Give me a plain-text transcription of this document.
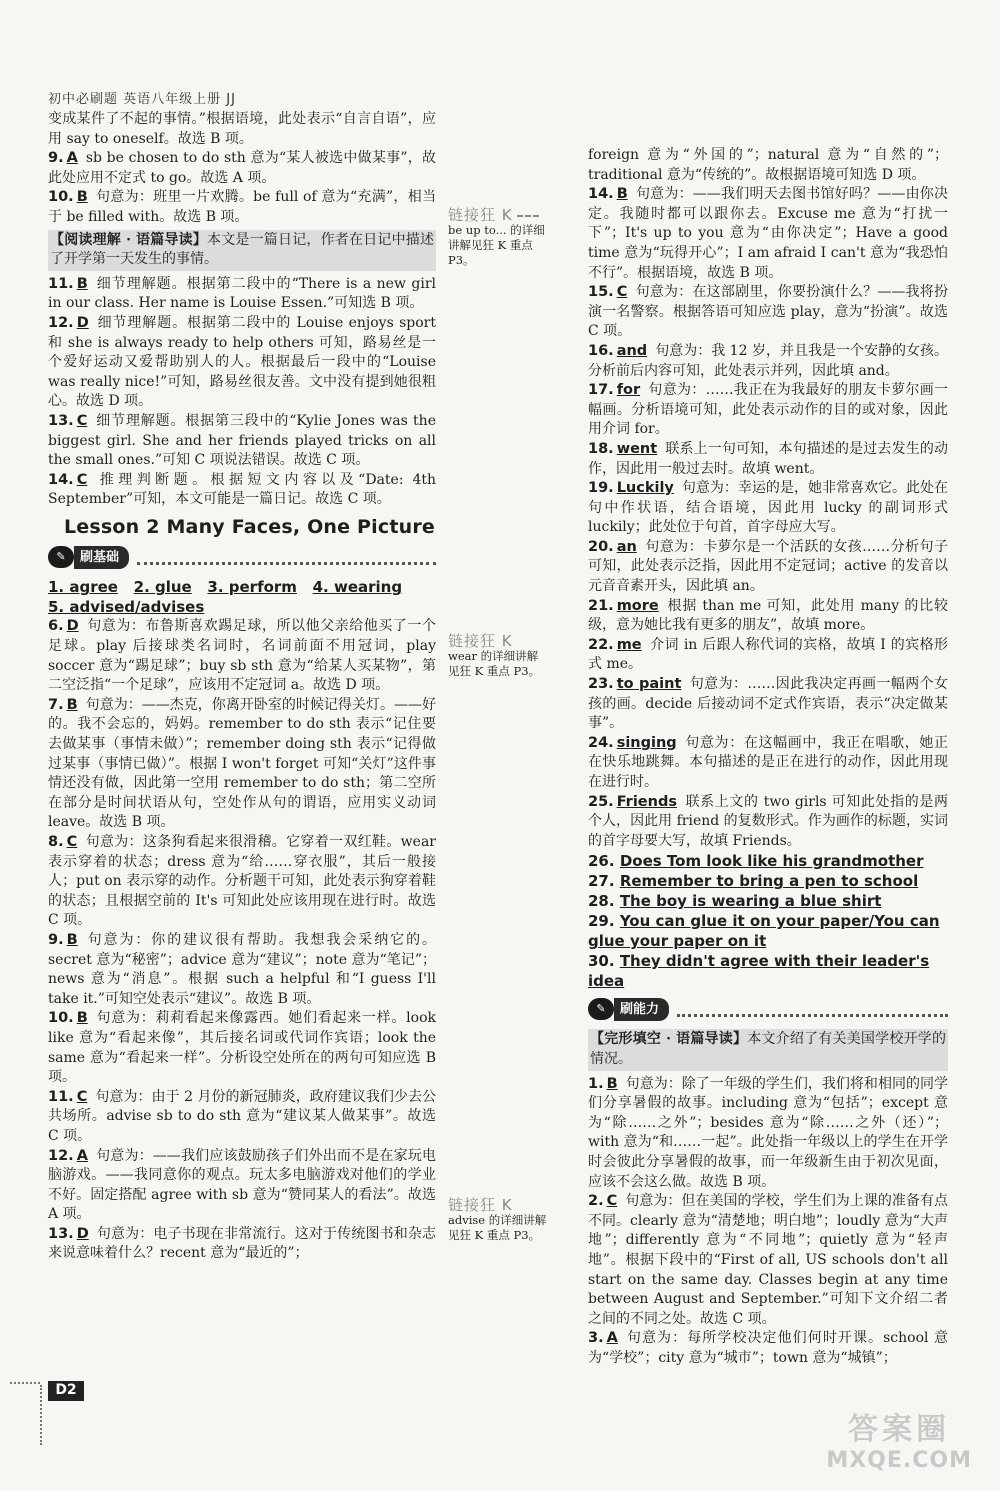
初中必刷题 英语八年级上册 JJ

变成某件了不起的事情。”根据语境，此处表示“自言自语”，应用 say to oneself。故选 B 项。

9. A sb be chosen to do sth 意为“某人被选中做某事”，故此处应用不定式 to go。故选 A 项。

10. B 句意为：班里一片欢腾。be full of 意为“充满”，相当于 be filled with。故选 B 项。

【阅读理解 · 语篇导读】本文是一篇日记，作者在日记中描述了开学第一天发生的事情。

11. B 细节理解题。根据第二段中的“There is a new girl in our class. Her name is Louise Essen.”可知选 B 项。

12. D 细节理解题。根据第二段中的 Louise enjoys sport 和 she is always ready to help others 可知，路易丝是一个爱好运动又爱帮助别人的人。根据最后一段中的“Louise was really nice!”可知，路易丝很友善。文中没有提到她很粗心。故选 D 项。

13. C 细节理解题。根据第三段中的“Kylie Jones was the biggest girl. She and her friends played tricks on all the small ones.”可知 C 项说法错误。故选 C 项。

14. C 推理判断题。根据短文内容以及“Date: 4th September”可知，本文可能是一篇日记。故选 C 项。

Lesson 2 Many Faces, One Picture
✎	刷基础
1. agree 2. glue 3. perform 4. wearing
5. advised/advises

6. D 句意为：布鲁斯喜欢踢足球，所以他父亲给他买了一个足球。play 后接球类名词时，名词前面不用冠词，play soccer 意为“踢足球”；buy sb sth 意为“给某人买某物”，第二空泛指“一个足球”，应该用不定冠词 a。故选 D 项。

7. B 句意为：——杰克，你离开卧室的时候记得关灯。——好的。我不会忘的，妈妈。remember to do sth 表示“记住要去做某事（事情未做）”；remember doing sth 表示“记得做过某事（事情已做）”。根据 I won't forget 可知“关灯”这件事情还没有做，因此第一空用 remember to do sth；第二空所在部分是时间状语从句，空处作从句的谓语，应用实义动词 leave。故选 B 项。

8. C 句意为：这条狗看起来很滑稽。它穿着一双红鞋。wear 表示穿着的状态；dress 意为“给……穿衣服”，其后一般接人；put on 表示穿的动作。分析题干可知，此处表示狗穿着鞋的状态；且根据空前的 It's 可知此处应该用现在进行时。故选 C 项。

9. B 句意为：你的建议很有帮助。我想我会采纳它的。secret 意为“秘密”；advice 意为“建议”；note 意为“笔记”；news 意为“消息”。根据 such a helpful 和“I guess I'll take it.”可知空处表示“建议”。故选 B 项。

10. B 句意为：莉莉看起来像露西。她们看起来一样。look like 意为“看起来像”，其后接名词或代词作宾语；look the same 意为“看起来一样”。分析设空处所在的两句可知应选 B 项。

11. C 句意为：由于 2 月份的新冠肺炎，政府建议我们少去公共场所。advise sb to do sth 意为“建议某人做某事”。故选 C 项。

12. A 句意为：——我们应该鼓励孩子们外出而不是在家玩电脑游戏。——我同意你的观点。玩太多电脑游戏对他们的学业不好。固定搭配 agree with sb 意为“赞同某人的看法”。故选 A 项。

13. D 句意为：电子书现在非常流行。这对于传统图书和杂志来说意味着什么？recent 意为“最近的”；

链接狂 K
be up to... 的详细讲解见狂 K 重点 P3。
链接狂 K
wear 的详细讲解见狂 K 重点 P3。
链接狂 K
advise 的详细讲解见狂 K 重点 P3。

foreign 意为“外国的”；natural 意为“自然的”；traditional 意为“传统的”。故根据语境可知选 D 项。

14. B 句意为：——我们明天去图书馆好吗？——由你决定。我随时都可以跟你去。Excuse me 意为“打扰一下”；It's up to you 意为“由你决定”；Have a good time 意为“玩得开心”；I am afraid I can't 意为“我恐怕不行”。根据语境，故选 B 项。

15. C 句意为：在这部剧里，你要扮演什么？——我将扮演一名警察。根据答语可知应选 play，意为“扮演”。故选 C 项。

16. and 句意为：我 12 岁，并且我是一个安静的女孩。分析前后内容可知，此处表示并列，因此填 and。

17. for 句意为：……我正在为我最好的朋友卡萝尔画一幅画。分析语境可知，此处表示动作的目的或对象，因此用介词 for。

18. went 联系上一句可知，本句描述的是过去发生的动作，因此用一般过去时。故填 went。

19. Luckily 句意为：幸运的是，她非常喜欢它。此处在句中作状语，结合语境，因此用 lucky 的副词形式 luckily；此处位于句首，首字母应大写。

20. an 句意为：卡萝尔是一个活跃的女孩……分析句子可知，此处表示泛指，因此用不定冠词；active 的发音以元音音素开头，因此填 an。

21. more 根据 than me 可知，此处用 many 的比较级，意为她比我有更多的朋友”，故填 more。

22. me 介词 in 后跟人称代词的宾格，故填 I 的宾格形式 me。

23. to paint 句意为：……因此我决定再画一幅两个女孩的画。decide 后接动词不定式作宾语，表示“决定做某事”。

24. singing 句意为：在这幅画中，我正在唱歌，她正在快乐地跳舞。本句描述的是正在进行的动作，因此用现在进行时。

25. Friends 联系上文的 two girls 可知此处指的是两个人，因此用 friend 的复数形式。作为画作的标题，实词的首字母要大写，故填 Friends。

26. Does Tom look like his grandmother
27. Remember to bring a pen to school
28. The boy is wearing a blue shirt
29. You can glue it on your paper/You can glue your paper on it
30. They didn't agree with their leader's idea
✎	刷能力
【完形填空 · 语篇导读】本文介绍了有关美国学校开学的情况。

1. B 句意为：除了一年级的学生们，我们将和相同的同学们分享暑假的故事。including 意为“包括”；except 意为“除……之外”；besides 意为“除……之外（还）”；with 意为“和……一起”。此处指一年级以上的学生在开学时会彼此分享暑假的故事，而一年级新生由于初次见面，应该不会这么做。故选 B 项。

2. C 句意为：但在美国的学校，学生们为上课的准备有点不同。clearly 意为“清楚地；明白地”；loudly 意为“大声地”；differently 意为“不同地”；quietly 意为“轻声地”。根据下段中的“First of all, US schools don't all start on the same day. Classes begin at any time between August and September.”可知下文介绍二者之间的不同之处。故选 C 项。

3. A 句意为：每所学校决定他们何时开课。school 意为“学校”；city 意为“城市”；town 意为“城镇”；

D2
答案圈
MXQE.COM
